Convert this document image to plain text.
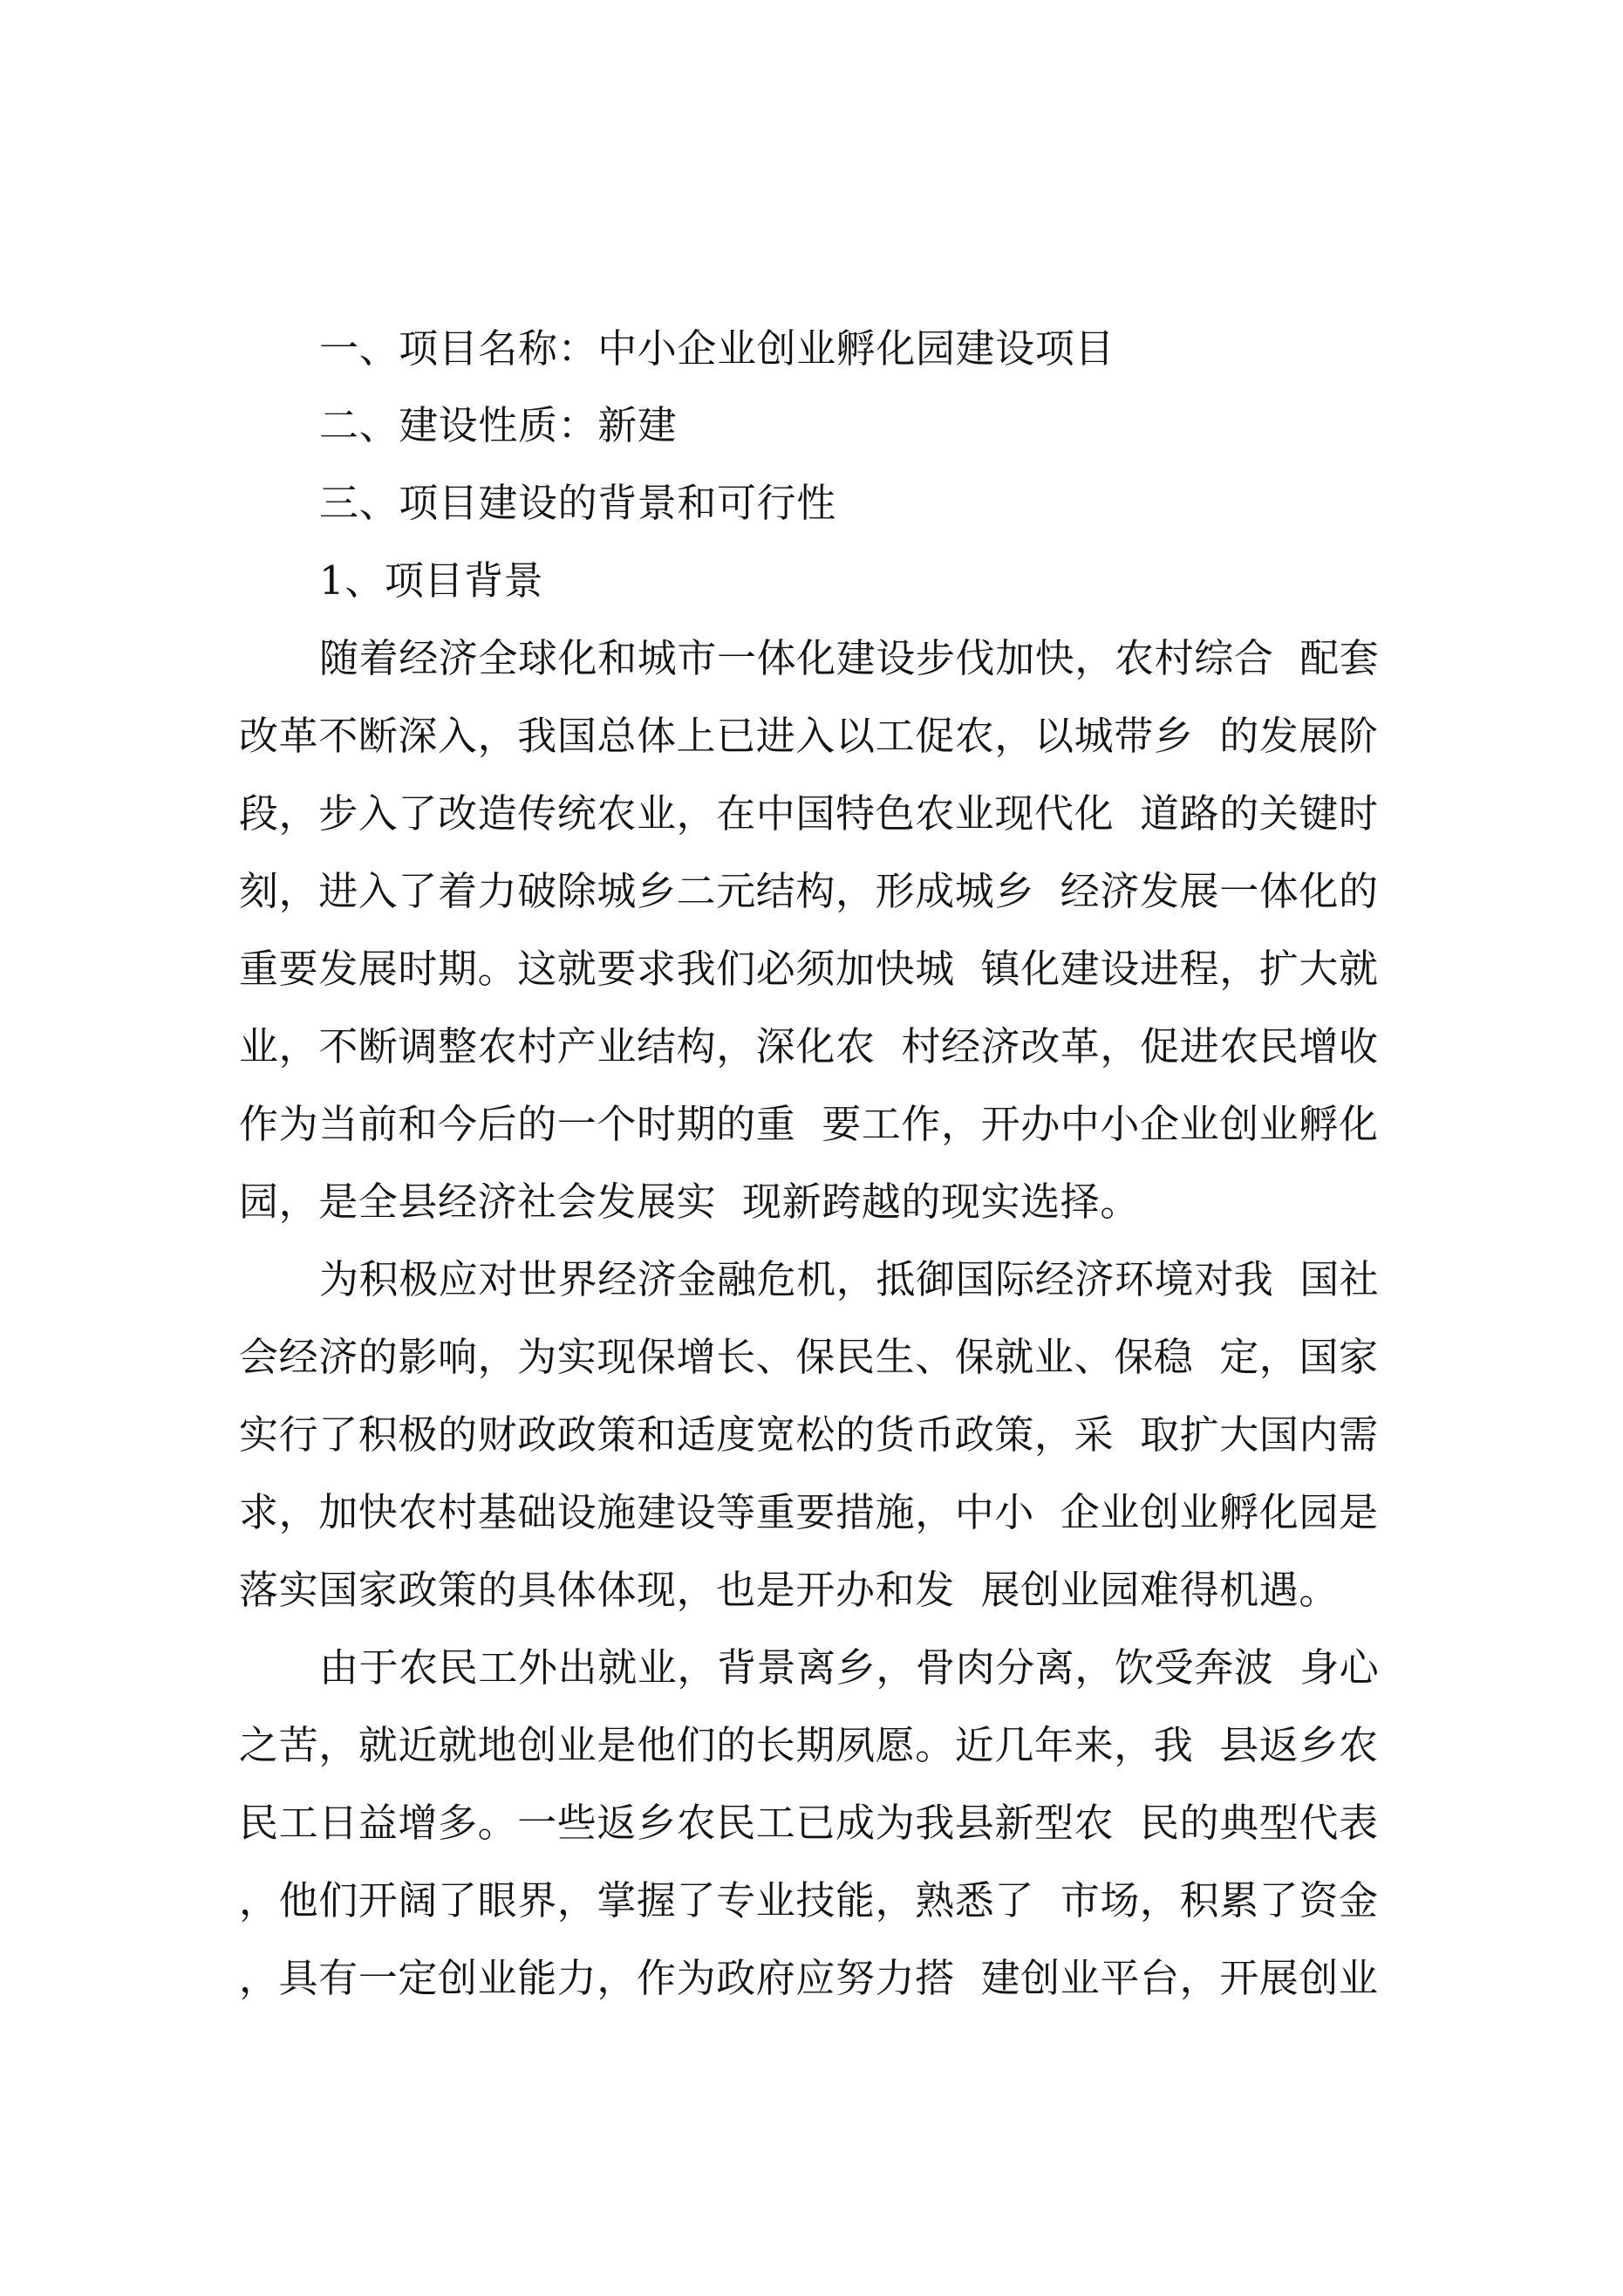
一、项目名称：中小企业创业孵化园建设项目
二、建设性质：新建
三、项目建设的背景和可行性
1、项目背景
随着经济全球化和城市一体化建设步伐加快，农村综合  配套
改革不断深入，我国总体上已进入以工促农，以城带乡  的发展阶
段，步入了改造传统农业，在中国特色农业现代化  道路的关键时
刻，进入了着力破除城乡二元结构，形成城乡  经济发展一体化的
重要发展时期。这就要求我们必须加快城  镇化建设进程，扩大就
业，不断调整农村产业结构，深化农  村经济改革，促进农民增收
作为当前和今后的一个时期的重  要工作，开办中小企业创业孵化
园，是全县经济社会发展实  现新跨越的现实选择。
为积极应对世界经济金融危机，抵御国际经济环境对我  国社
会经济的影响，为实现保增长、保民生、保就业、保稳  定，国家
实行了积极的财政政策和适度宽松的货币政策，采  取扩大国内需
求，加快农村基础设施建设等重要措施，中小  企业创业孵化园是
落实国家政策的具体体现，也是开办和发  展创业园难得机遇。
由于农民工外出就业，背景离乡，骨肉分离，饮受奔波  身心
之苦，就近就地创业是他们的长期夙愿。近几年来，我  县返乡农
民工日益增多。一些返乡农民工已成为我县新型农  民的典型代表
，他们开阔了眼界，掌握了专业技能，熟悉了  市场，积累了资金
，具有一定创业能力，作为政府应努力搭  建创业平台，开展创业
